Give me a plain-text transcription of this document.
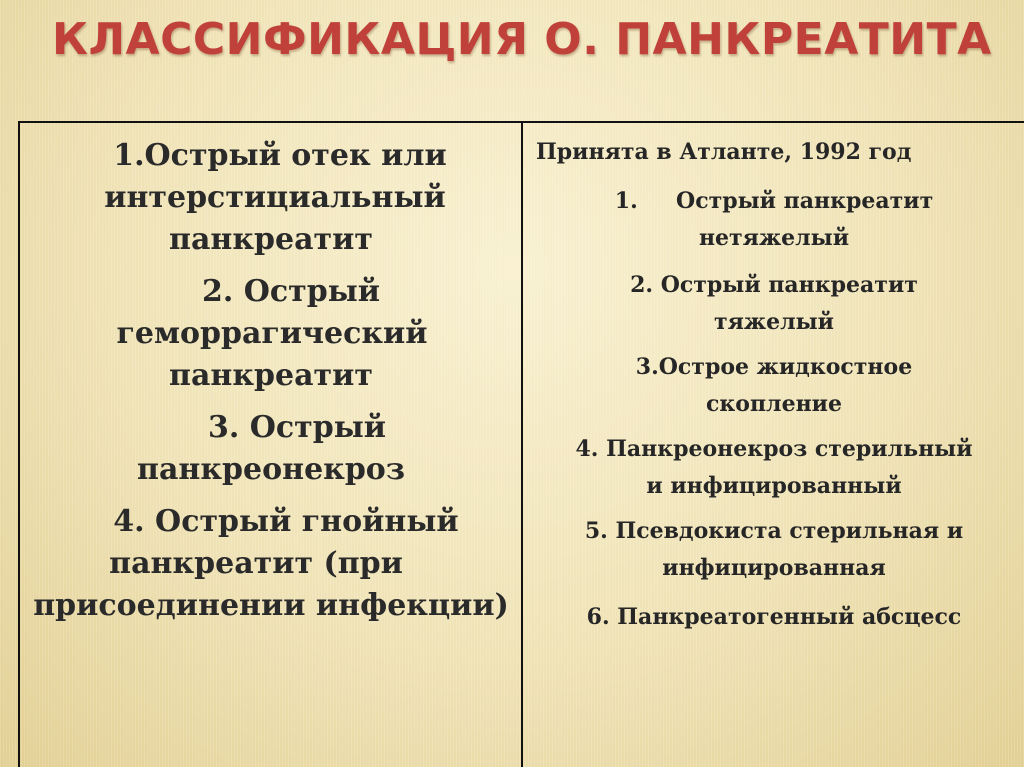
КЛАССИФИКАЦИЯ О. ПАНКРЕАТИТА

1.Острый отек или

интерстициальный

панкреатит

2. Острый

геморрагический

панкреатит

3. Острый

панкреонекроз

4. Острый гнойный

панкреатит (при

присоединении инфекции)

Принята в Атланте, 1992 год

1.     Острый панкреатит

нетяжелый

2. Острый панкреатит

тяжелый

3.Острое жидкостное

скопление

4. Панкреонекроз стерильный

и инфицированный

5. Псевдокиста стерильная и

инфицированная

6. Панкреатогенный абсцесс
